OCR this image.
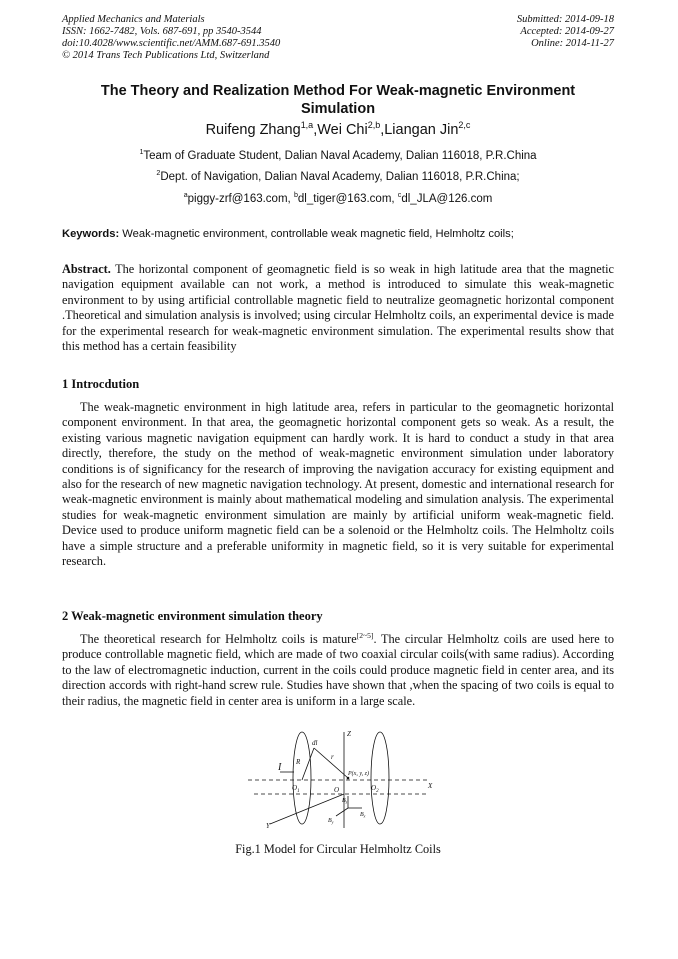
Applied Mechanics and Materials
ISSN: 1662-7482, Vols. 687-691, pp 3540-3544
doi:10.4028/www.scientific.net/AMM.687-691.3540
© 2014 Trans Tech Publications Ltd, Switzerland
Submitted: 2014-09-18
Accepted: 2014-09-27
Online: 2014-11-27
The Theory and Realization Method For Weak-magnetic Environment Simulation
Ruifeng Zhang$^{1,a}$,Wei Chi$^{2,b}$,Liangan Jin$^{2,c}$
$^1$Team of Graduate Student, Dalian Naval Academy, Dalian 116018, P.R.China
$^2$Dept. of Navigation, Dalian Naval Academy, Dalian 116018, P.R.China;
$^a$piggy-zrf@163.com, $^b$dl_tiger@163.com, $^c$dl_JLA@126.com
Keywords: Weak-magnetic environment, controllable weak magnetic field, Helmholtz coils;
Abstract. The horizontal component of geomagnetic field is so weak in high latitude area that the magnetic navigation equipment available can not work, a method is introduced to simulate this weak-magnetic environment to by using artificial controllable magnetic field to neutralize geomagnetic horizontal component .Theoretical and simulation analysis is involved; using circular Helmholtz coils, an experimental device is made for the experimental research for weak-magnetic environment simulation. The experimental results show that this method has a certain feasibility
1 Introcdution
The weak-magnetic environment in high latitude area, refers in particular to the geomagnetic horizontal component environment. In that area, the geomagnetic horizontal component gets so weak. As a result, the existing various magnetic navigation equipment can hardly work. It is hard to conduct a study in that area directly, therefore, the study on the method of weak-magnetic environment simulation under laboratory conditions is of significancy for the research of improving the navigation accuracy for existing equipment and also for the research of new magnetic navigation technology. At present, domestic and international research for weak-magnetic environment is mainly about mathematical modeling and simulation analysis. The experimental studies for weak-magnetic environment simulation are mainly by artificial uniform weak-magnetic field. Device used to produce uniform magnetic field can be a solenoid or the Helmholtz coils. The Helmholtz coils have a simple structure and a preferable uniformity in magnetic field, so it is very suitable for experimental research.
2 Weak-magnetic environment simulation theory
The theoretical research for Helmholtz coils is mature[2~5]. The circular Helmholtz coils are used here to produce controllable magnetic field, which are made of two coaxial circular coils(with same radius). According to the law of electromagnetic induction, current in the coils could produce magnetic field in center area, and its direction accords with right-hand screw rule. Studies have shown that ,when the spacing of two coils is equal to their radius, the magnetic field in center area is uniform in a large scale.
Z
X
Y
O
$O_1$	$O_2$
dl
r
R
I
P(x, y, z)
$B_z$
$B_x$
$B_y$
Fig.1 Model for Circular Helmholtz Coils
